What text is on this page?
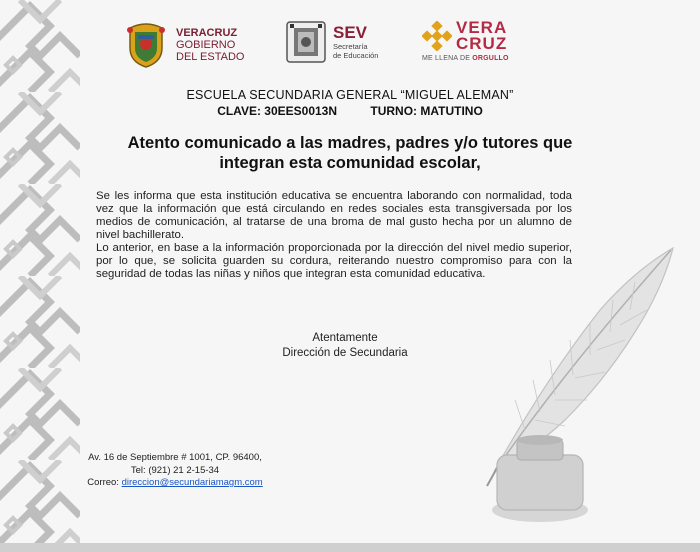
VERACRUZ
GOBIERNO
DEL ESTADO
SEV
Secretaría
de Educación
VERA
CRUZ
ME LLENA DE ORGULLO
ESCUELA SECUNDARIA GENERAL “MIGUEL ALEMAN”
CLAVE: 30EES0013N	TURNO: MATUTINO
Atento comunicado a las madres, padres y/o tutores que
integran esta comunidad escolar,

Se les informa que esta institución educativa se encuentra laborando con normalidad, toda vez que la información que está circulando en redes sociales esta transgiversada por los medios de comunicación, al tratarse de una broma de mal gusto hecha por un alumno de nivel bachillerato.

Lo anterior, en base a la información proporcionada por la dirección del nivel medio superior, por lo que, se solicita guarden su cordura, reiterando nuestro compromiso para con la seguridad de todas las niñas y niños que integran esta comunidad educativa.

Atentamente
Dirección de Secundaria
Av. 16 de Septiembre # 1001, CP. 96400,
Tel: (921) 21 2-15-34
Correo: direccion@secundariamagm.com
